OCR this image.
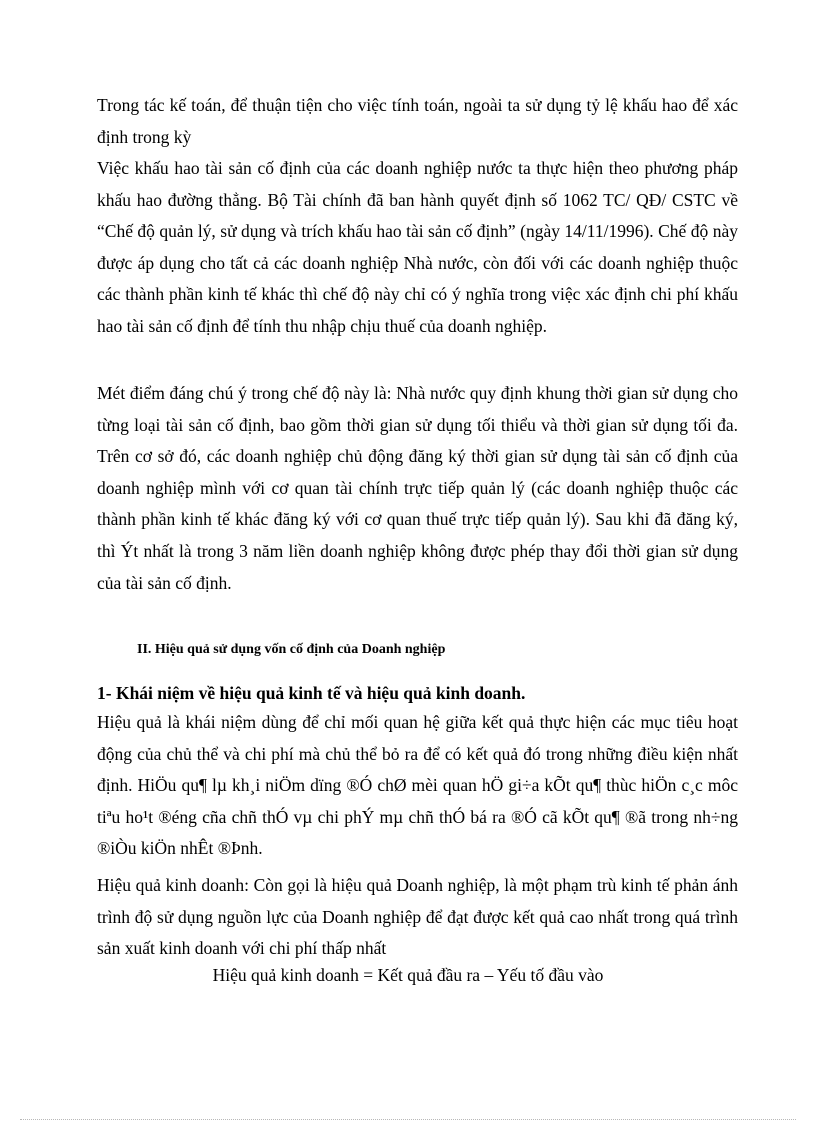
Trong tác kế toán, để thuận tiện cho việc tính toán, ngoài ta sử dụng tỷ lệ khấu hao để xác định trong kỳ

Việc khấu hao tài sản cố định của các doanh nghiệp nước ta thực hiện theo phương pháp khấu hao đường thẳng. Bộ Tài chính đã ban hành quyết định số 1062 TC/ QĐ/ CSTC về “Chế độ quản lý, sử dụng và trích khấu hao tài sản cố định” (ngày 14/11/1996). Chế độ này được áp dụng cho tất cả các doanh nghiệp Nhà nước, còn đối với các doanh nghiệp thuộc các thành phần kinh tế khác thì chế độ này chỉ có ý nghĩa trong việc xác định chi phí khấu hao tài sản cố định để tính thu nhập chịu thuế của doanh nghiệp.

Mét điểm đáng chú ý trong chế độ này là: Nhà nước quy định khung thời gian sử dụng cho từng loại tài sản cố định, bao gồm thời gian sử dụng tối thiểu và thời gian sử dụng tối đa. Trên cơ sở đó, các doanh nghiệp chủ động đăng ký thời gian sử dụng tài sản cố định của doanh nghiệp mình với cơ quan tài chính trực tiếp quản lý (các doanh nghiệp thuộc các thành phần kinh tế khác đăng ký với cơ quan thuế trực tiếp quản lý). Sau khi đã đăng ký, thì Ýt nhất là trong 3 năm liền doanh nghiệp không được phép thay đổi thời gian sử dụng của tài sản cố định.

II. Hiệu quả sử dụng vốn cố định của Doanh nghiệp
1- Khái niệm về hiệu quả kinh tế và hiệu quả kinh doanh.

Hiệu quả là khái niệm dùng để chỉ mối quan hệ giữa kết quả thực hiện các mục tiêu hoạt động của chủ thể và chi phí mà chủ thể bỏ ra để có kết quả đó trong những điều kiện nhất định. HiÖu qu¶ lµ kh¸i niÖm dïng ®Ó chØ mèi quan hÖ gi÷a kÕt qu¶ thùc hiÖn c¸c môc tiªu ho¹t ®éng cña chñ thÓ vµ chi phÝ mµ chñ thÓ bá ra ®Ó cã kÕt qu¶ ®ã trong nh÷ng ®iÒu kiÖn nhÊt ®Þnh.

Hiệu quả kinh doanh: Còn gọi là hiệu quả Doanh nghiệp, là một phạm trù kinh tế phản ánh trình độ sử dụng nguồn lực của Doanh nghiệp để đạt được kết quả cao nhất trong quá trình sản xuất kinh doanh với chi phí thấp nhất

Hiệu quả kinh doanh = Kết quả đầu ra – Yếu tố đầu vào
